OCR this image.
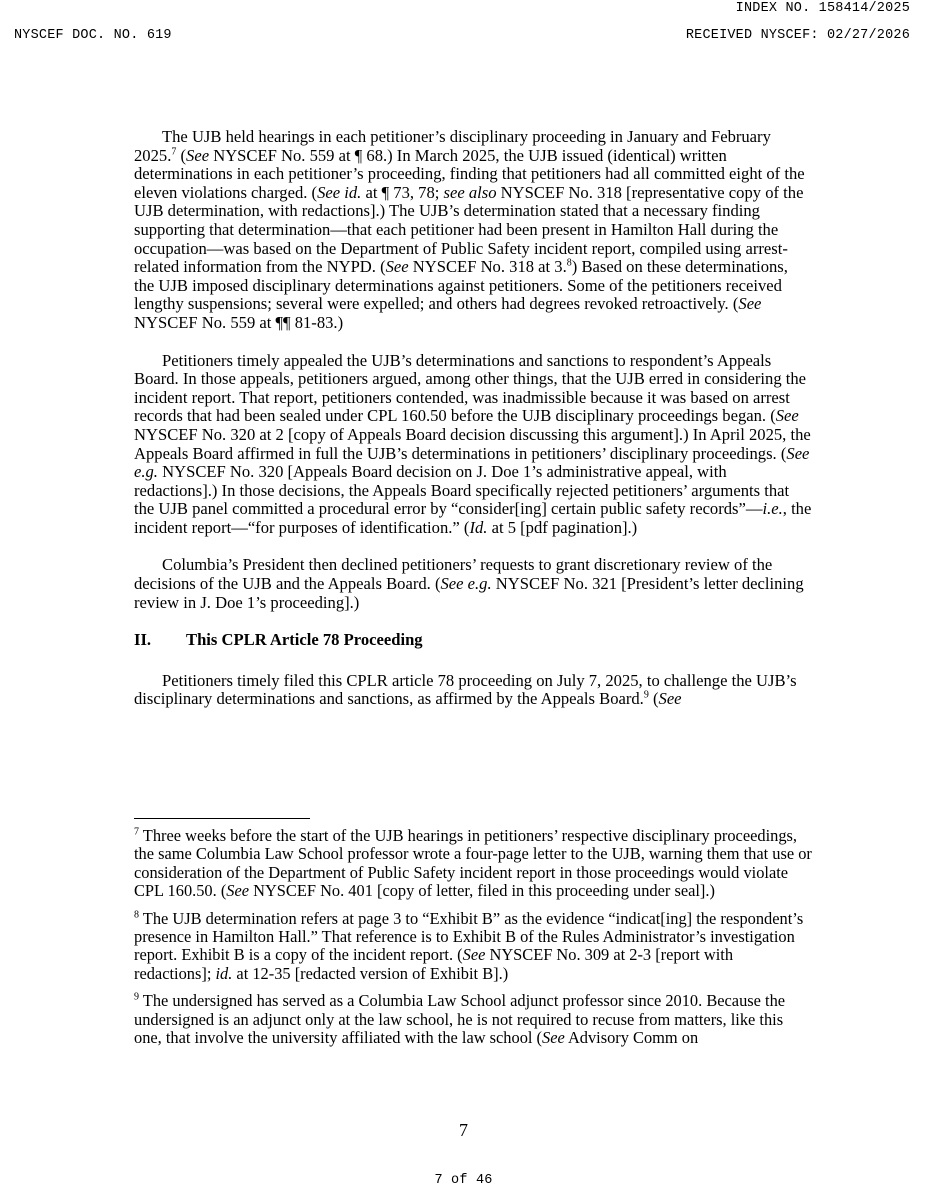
INDEX NO. 158414/2025
NYSCEF DOC. NO. 619	RECEIVED NYSCEF: 02/27/2026

The UJB held hearings in each petitioner’s disciplinary proceeding in January and February 2025.$^7$ (See NYSCEF No. 559 at ¶ 68.) In March 2025, the UJB issued (identical) written determinations in each petitioner’s proceeding, finding that petitioners had all committed eight of the eleven violations charged. (See id. at ¶ 73, 78; see also NYSCEF No. 318 [representative copy of the UJB determination, with redactions].) The UJB’s determination stated that a necessary finding supporting that determination—that each petitioner had been present in Hamilton Hall during the occupation—was based on the Department of Public Safety incident report, compiled using arrest-related information from the NYPD. (See NYSCEF No. 318 at 3.$^8$) Based on these determinations, the UJB imposed disciplinary determinations against petitioners. Some of the petitioners received lengthy suspensions; several were expelled; and others had degrees revoked retroactively. (See NYSCEF No. 559 at ¶¶ 81-83.)

Petitioners timely appealed the UJB’s determinations and sanctions to respondent’s Appeals Board. In those appeals, petitioners argued, among other things, that the UJB erred in considering the incident report. That report, petitioners contended, was inadmissible because it was based on arrest records that had been sealed under CPL 160.50 before the UJB disciplinary proceedings began. (See NYSCEF No. 320 at 2 [copy of Appeals Board decision discussing this argument].) In April 2025, the Appeals Board affirmed in full the UJB’s determinations in petitioners’ disciplinary proceedings. (See e.g. NYSCEF No. 320 [Appeals Board decision on J. Doe 1’s administrative appeal, with redactions].) In those decisions, the Appeals Board specifically rejected petitioners’ arguments that the UJB panel committed a procedural error by “consider[ing] certain public safety records”—i.e., the incident report—“for purposes of identification.” (Id. at 5 [pdf pagination].)

Columbia’s President then declined petitioners’ requests to grant discretionary review of the decisions of the UJB and the Appeals Board. (See e.g. NYSCEF No. 321 [President’s letter declining review in J. Doe 1’s proceeding].)

II.	This CPLR Article 78 Proceeding

Petitioners timely filed this CPLR article 78 proceeding on July 7, 2025, to challenge the UJB’s disciplinary determinations and sanctions, as affirmed by the Appeals Board.$^9$ (See

$^7$ Three weeks before the start of the UJB hearings in petitioners’ respective disciplinary proceedings, the same Columbia Law School professor wrote a four-page letter to the UJB, warning them that use or consideration of the Department of Public Safety incident report in those proceedings would violate CPL 160.50. (See NYSCEF No. 401 [copy of letter, filed in this proceeding under seal].)

$^8$ The UJB determination refers at page 3 to “Exhibit B” as the evidence “indicat[ing] the respondent’s presence in Hamilton Hall.” That reference is to Exhibit B of the Rules Administrator’s investigation report. Exhibit B is a copy of the incident report. (See NYSCEF No. 309 at 2-3 [report with redactions]; id. at 12-35 [redacted version of Exhibit B].)

$^9$ The undersigned has served as a Columbia Law School adjunct professor since 2010. Because the undersigned is an adjunct only at the law school, he is not required to recuse from matters, like this one, that involve the university affiliated with the law school (See Advisory Comm on

7
7 of 46
